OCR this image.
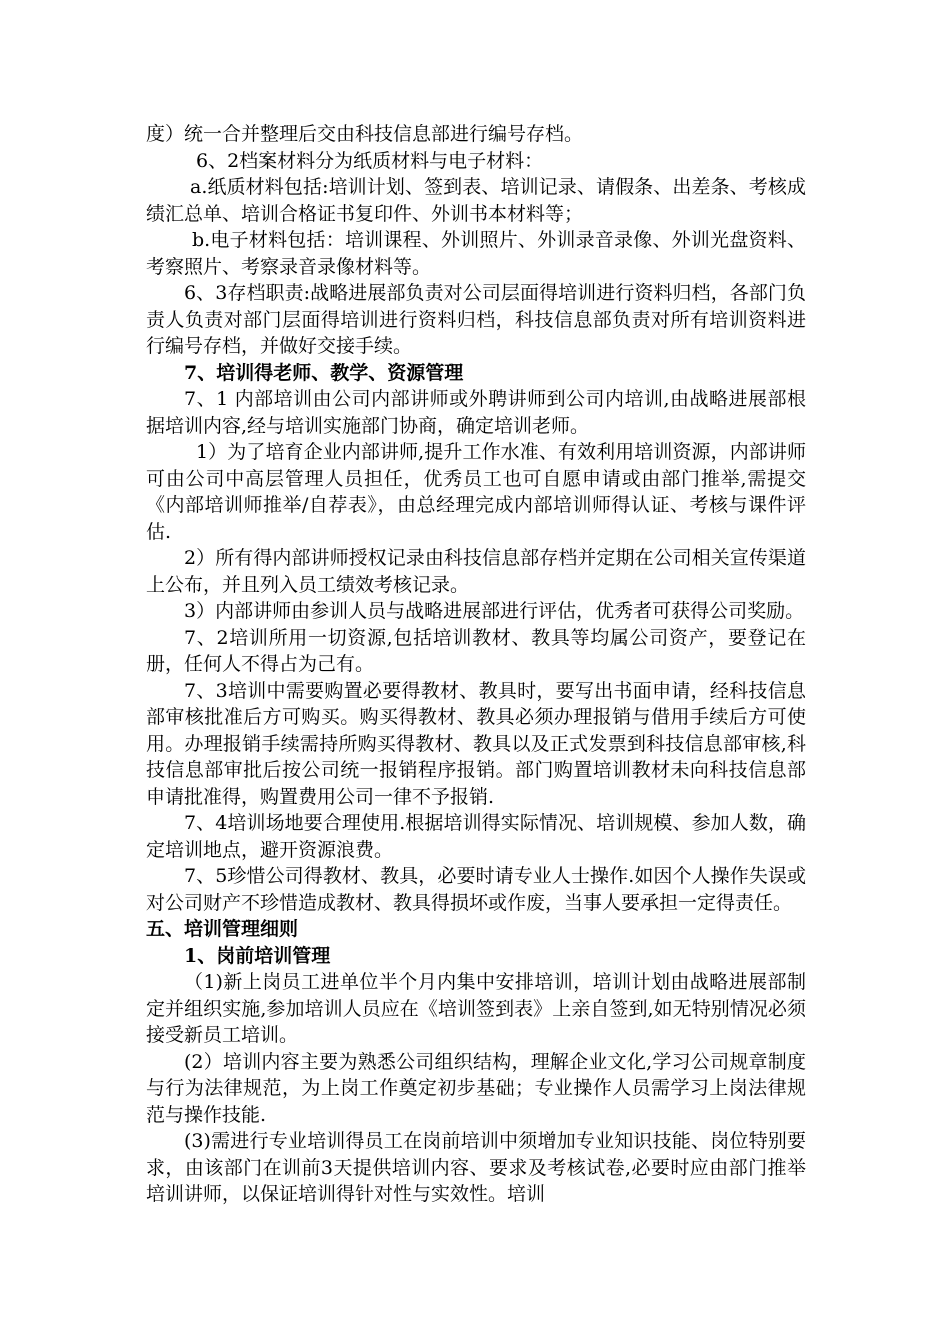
度）统一合并整理后交由科技信息部进行编号存档。

6、2档案材料分为纸质材料与电子材料：

a.纸质材料包括:培训计划、签到表、培训记录、请假条、出差条、考核成绩汇总单、培训合格证书复印件、外训书本材料等；

b.电子材料包括：培训课程、外训照片、外训录音录像、外训光盘资料、考察照片、考察录音录像材料等。

6、3存档职责:战略进展部负责对公司层面得培训进行资料归档，各部门负责人负责对部门层面得培训进行资料归档，科技信息部负责对所有培训资料进行编号存档，并做好交接手续。

7、培训得老师、教学、资源管理

7、1 内部培训由公司内部讲师或外聘讲师到公司内培训,由战略进展部根据培训内容,经与培训实施部门协商，确定培训老师。

1）为了培育企业内部讲师,提升工作水准、有效利用培训资源，内部讲师可由公司中高层管理人员担任，优秀员工也可自愿申请或由部门推举,需提交《内部培训师推举/自荐表》，由总经理完成内部培训师得认证、考核与课件评估.

2）所有得内部讲师授权记录由科技信息部存档并定期在公司相关宣传渠道上公布，并且列入员工绩效考核记录。

3）内部讲师由参训人员与战略进展部进行评估，优秀者可获得公司奖励。

7、2培训所用一切资源,包括培训教材、教具等均属公司资产，要登记在册，任何人不得占为己有。

7、3培训中需要购置必要得教材、教具时，要写出书面申请，经科技信息部审核批准后方可购买。购买得教材、教具必须办理报销与借用手续后方可使用。办理报销手续需持所购买得教材、教具以及正式发票到科技信息部审核,科技信息部审批后按公司统一报销程序报销。部门购置培训教材未向科技信息部申请批准得，购置费用公司一律不予报销.

7、4培训场地要合理使用.根据培训得实际情况、培训规模、参加人数，确定培训地点，避开资源浪费。

7、5珍惜公司得教材、教具，必要时请专业人士操作.如因个人操作失误或对公司财产不珍惜造成教材、教具得损坏或作废，当事人要承担一定得责任。

五、培训管理细则

1、岗前培训管理

（1)新上岗员工进单位半个月内集中安排培训，培训计划由战略进展部制定并组织实施,参加培训人员应在《培训签到表》上亲自签到,如无特别情况必须接受新员工培训。

(2）培训内容主要为熟悉公司组织结构，理解企业文化,学习公司规章制度与行为法律规范，为上岗工作奠定初步基础；专业操作人员需学习上岗法律规范与操作技能.

(3)需进行专业培训得员工在岗前培训中须增加专业知识技能、岗位特别要求，由该部门在训前3天提供培训内容、要求及考核试卷,必要时应由部门推举培训讲师，以保证培训得针对性与实效性。培训
